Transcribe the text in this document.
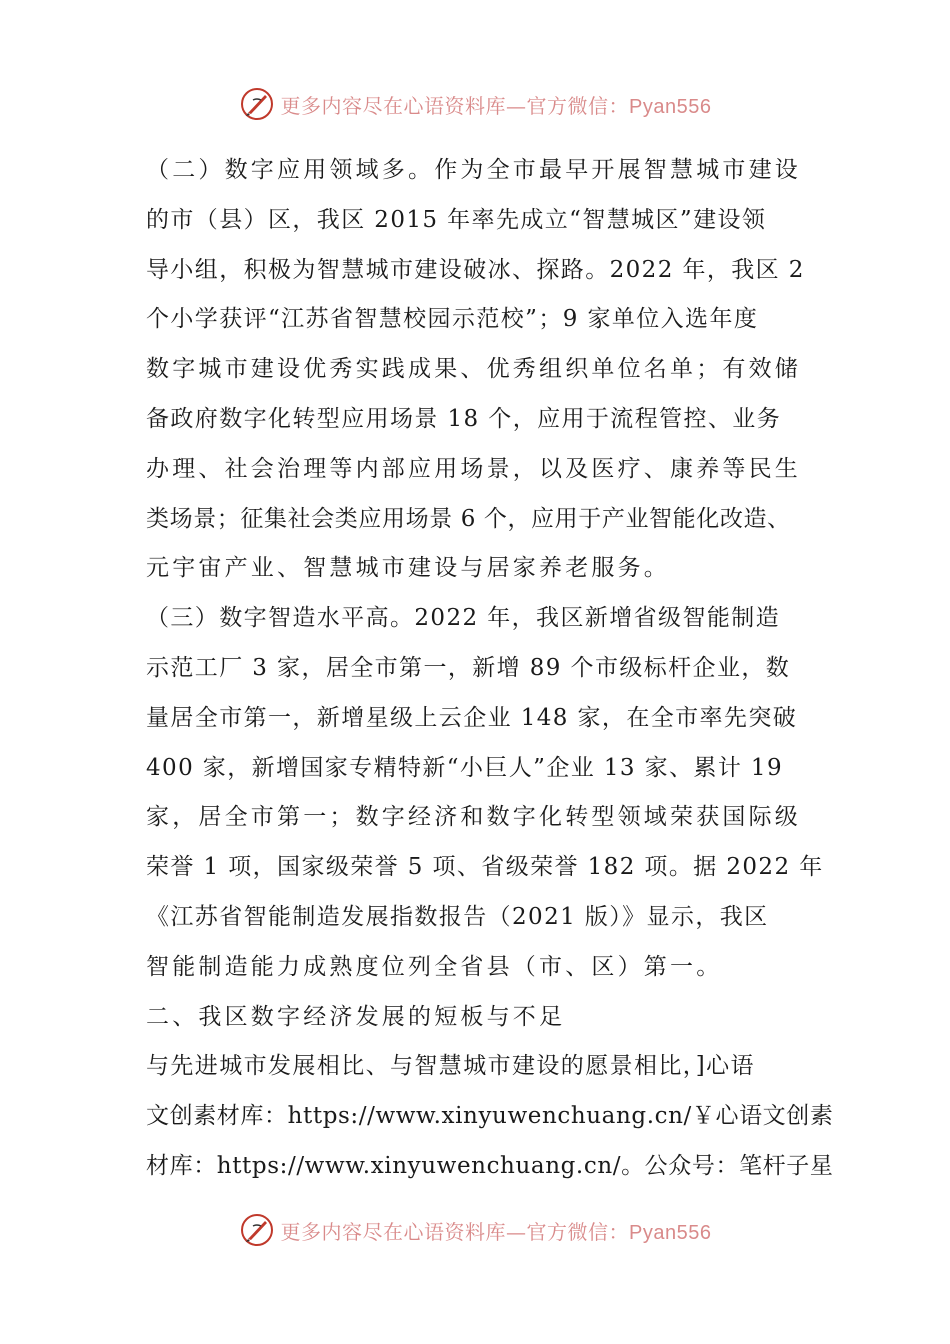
更多内容尽在心语资料库—官方微信：Pyan556
（二）数字应用领域多。作为全市最早开展智慧城市建设
的市（县）区，我区 2015 年率先成立“智慧城区”建设领
导小组，积极为智慧城市建设破冰、探路。2022 年，我区 2
个小学获评“江苏省智慧校园示范校”；9 家单位入选年度
数字城市建设优秀实践成果、优秀组织单位名单；有效储
备政府数字化转型应用场景 18 个，应用于流程管控、业务
办理、社会治理等内部应用场景，以及医疗、康养等民生
类场景；征集社会类应用场景 6 个，应用于产业智能化改造、
元宇宙产业、智慧城市建设与居家养老服务。
（三）数字智造水平高。2022 年，我区新增省级智能制造
示范工厂 3 家，居全市第一，新增 89 个市级标杆企业，数
量居全市第一，新增星级上云企业 148 家，在全市率先突破
400 家，新增国家专精特新“小巨人”企业 13 家、累计 19
家，居全市第一；数字经济和数字化转型领域荣获国际级
荣誉 1 项，国家级荣誉 5 项、省级荣誉 182 项。据 2022 年
《江苏省智能制造发展指数报告（2021 版）》显示，我区
智能制造能力成熟度位列全省县（市、区）第一。
二、我区数字经济发展的短板与不足
与先进城市发展相比、与智慧城市建设的愿景相比，]心语
文创素材库：https://www.xinyuwenchuang.cn/￥心语文创素
材库：https://www.xinyuwenchuang.cn/。公众号：笔杆子星
更多内容尽在心语资料库—官方微信：Pyan556
